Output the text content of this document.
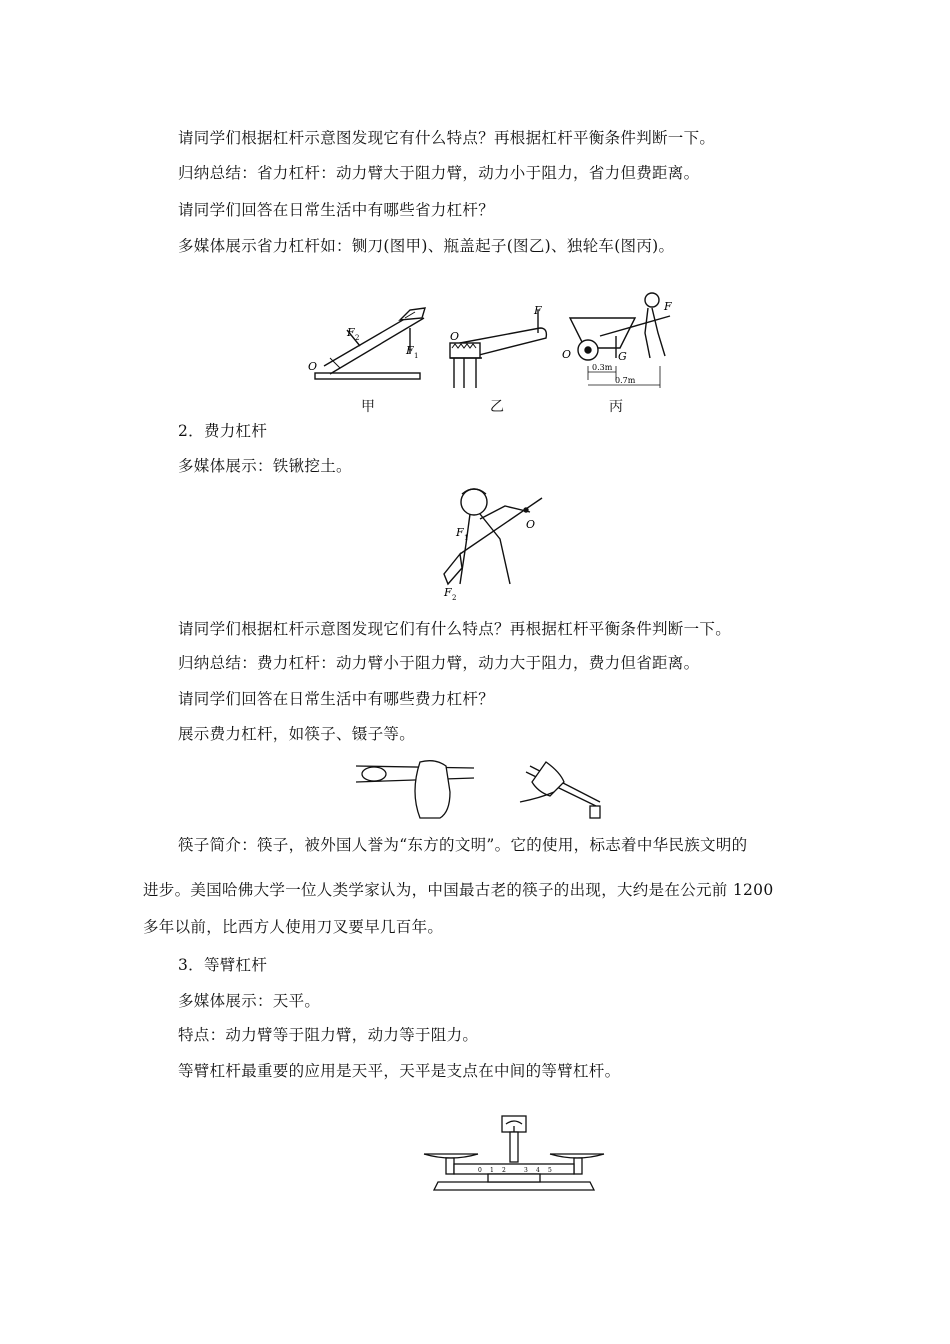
请同学们根据杠杆示意图发现它有什么特点？再根据杠杆平衡条件判断一下。
归纳总结：省力杠杆：动力臂大于阻力臂，动力小于阻力，省力但费距离。
请同学们回答在日常生活中有哪些省力杠杆？
多媒体展示省力杠杆如：铡刀(图甲)、瓶盖起子(图乙)、独轮车(图丙)。
O
F 2
F 1
O
F
O	G
F
0.3m
0.7m
甲	乙	丙
2．费力杠杆
多媒体展示：铁锹挖土。
O
F 1
F 2
请同学们根据杠杆示意图发现它们有什么特点？再根据杠杆平衡条件判断一下。
归纳总结：费力杠杆：动力臂小于阻力臂，动力大于阻力，费力但省距离。
请同学们回答在日常生活中有哪些费力杠杆？
展示费力杠杆，如筷子、镊子等。
筷子简介：筷子，被外国人誉为“东方的文明”。它的使用，标志着中华民族文明的
进步。美国哈佛大学一位人类学家认为，中国最古老的筷子的出现，大约是在公元前 1200
多年以前，比西方人使用刀叉要早几百年。
3．等臂杠杆
多媒体展示：天平。
特点：动力臂等于阻力臂，动力等于阻力。
等臂杠杆最重要的应用是天平，天平是支点在中间的等臂杠杆。
0 1 2	3 4 5
